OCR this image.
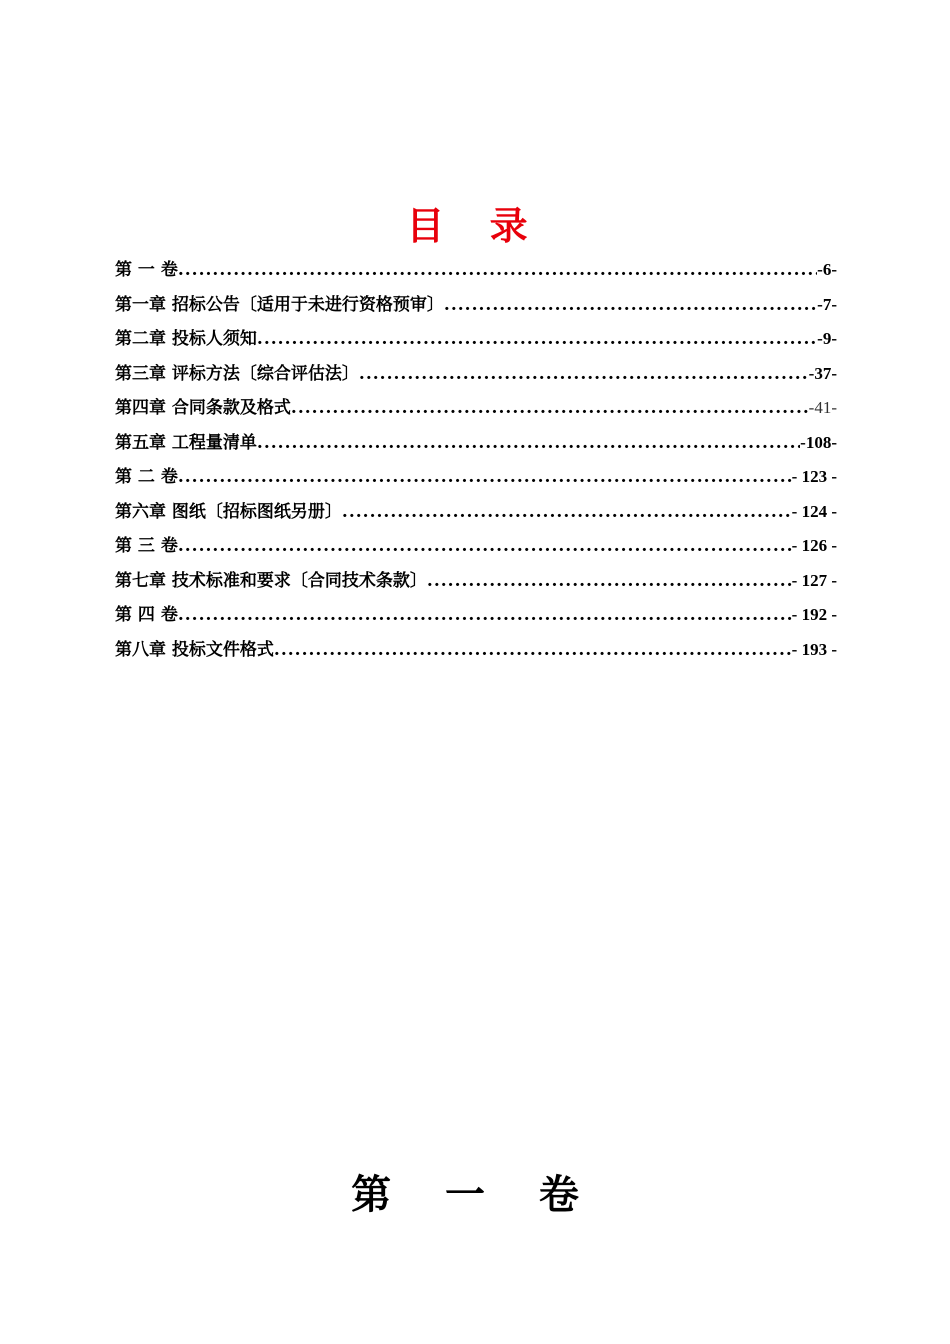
目 录
第 一 卷 .....	-6-
第一章 招标公告〔适用于未进行资格预审〕 .....	-7-
第二章 投标人须知 .....	-9-
第三章 评标方法〔综合评估法〕 .....	-37-
第四章 合同条款及格式 .....	-41-
第五章 工程量清单 .....	-108-
第 二 卷 .....	- 123 -
第六章 图纸〔招标图纸另册〕 .....	- 124 -
第 三 卷 .....	- 126 -
第七章 技术标准和要求〔合同技术条款〕 .....	- 127 -
第 四 卷 .....	- 192 -
第八章 投标文件格式 .....	- 193 -
第 一 卷
